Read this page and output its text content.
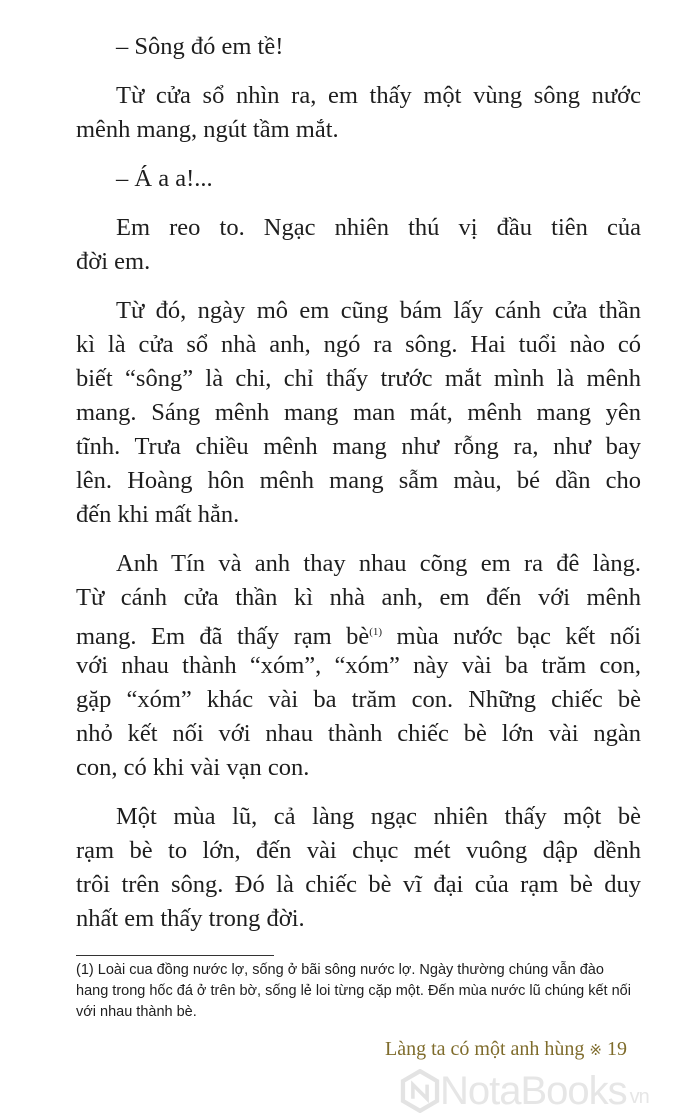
NotaBooks vn
– Sông đó em tề!
Từ cửa sổ nhìn ra, em thấy một vùng sông nước
mênh mang, ngút tầm mắt.
– Á a a!...
Em reo to. Ngạc nhiên thú vị đầu tiên của
đời em.
Từ đó, ngày mô em cũng bám lấy cánh cửa thần
kì là cửa sổ nhà anh, ngó ra sông. Hai tuổi nào có
biết “sông” là chi, chỉ thấy trước mắt mình là mênh
mang. Sáng mênh mang man mát, mênh mang yên
tĩnh. Trưa chiều mênh mang như rỗng ra, như bay
lên. Hoàng hôn mênh mang sẫm màu, bé dần cho
đến khi mất hẳn.
Anh Tín và anh thay nhau cõng em ra đê làng.
Từ cánh cửa thần kì nhà anh, em đến với mênh
mang. Em đã thấy rạm $bè^{(1)}$ mùa nước bạc kết nối
với nhau thành “xóm”, “xóm” này vài ba trăm con,
gặp “xóm” khác vài ba trăm con. Những chiếc bè
nhỏ kết nối với nhau thành chiếc bè lớn vài ngàn
con, có khi vài vạn con.
Một mùa lũ, cả làng ngạc nhiên thấy một bè
rạm bè to lớn, đến vài chục mét vuông dập dềnh
trôi trên sông. Đó là chiếc bè vĩ đại của rạm bè duy
nhất em thấy trong đời.
(1) Loài cua đồng nước lợ, sống ở bãi sông nước lợ. Ngày thường chúng vẫn đào hang trong hốc đá ở trên bờ, sống lẻ loi từng cặp một. Đến mùa nước lũ chúng kết nối với nhau thành bè.
Làng ta có một anh hùng ※ 19
